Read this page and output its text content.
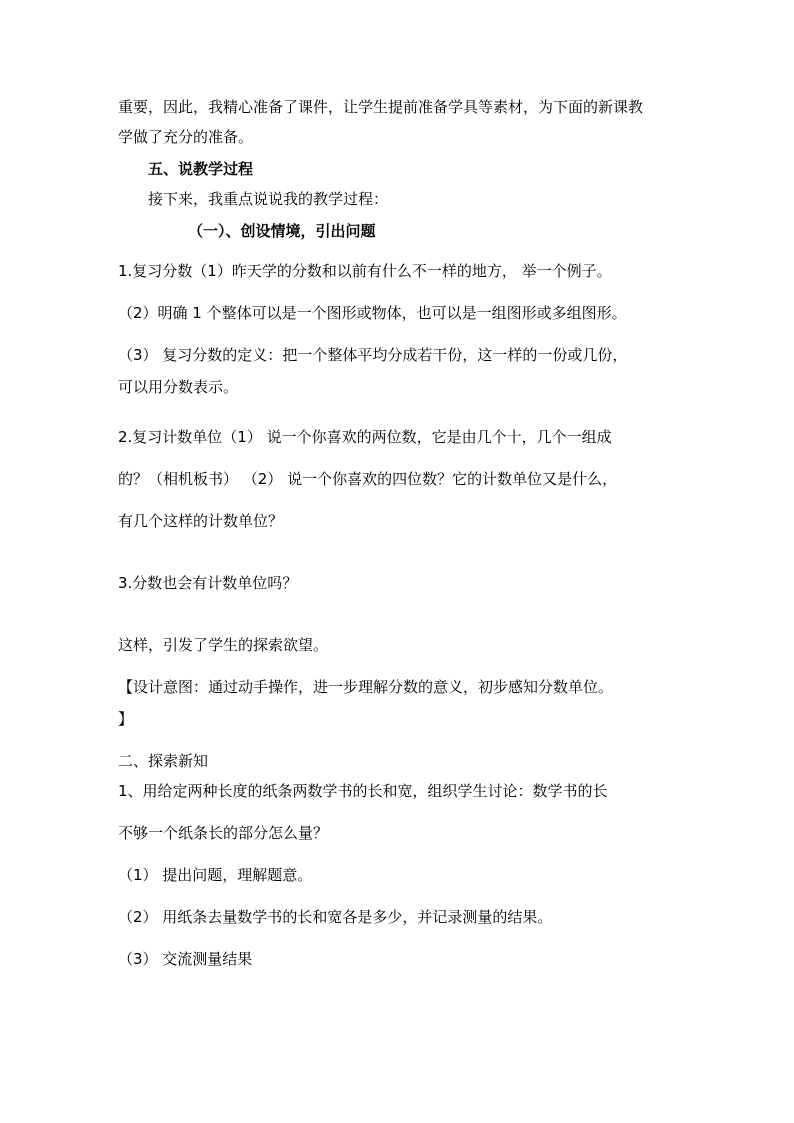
重要，因此，我精心准备了课件，让学生提前准备学具等素材，为下面的新课教
学做了充分的准备。
五、说教学过程
接下来，我重点说说我的教学过程：
（一）、创设情境，引出问题
1.复习分数（1）昨天学的分数和以前有什么不一样的地方， 举一个例子。
（2）明确 1 个整体可以是一个图形或物体，也可以是一组图形或多组图形。
（3） 复习分数的定义：把一个整体平均分成若干份，这一样的一份或几份，
可以用分数表示。
2.复习计数单位（1） 说一个你喜欢的两位数，它是由几个十，几个一组成
的？（相机板书） （2） 说一个你喜欢的四位数？它的计数单位又是什么，
有几个这样的计数单位？
3.分数也会有计数单位吗？
这样，引发了学生的探索欲望。
【设计意图：通过动手操作，进一步理解分数的意义，初步感知分数单位。
】
二、探索新知
1、用给定两种长度的纸条两数学书的长和宽，组织学生讨论：数学书的长
不够一个纸条长的部分怎么量？
（1） 提出问题，理解题意。
（2） 用纸条去量数学书的长和宽各是多少，并记录测量的结果。
（3） 交流测量结果
